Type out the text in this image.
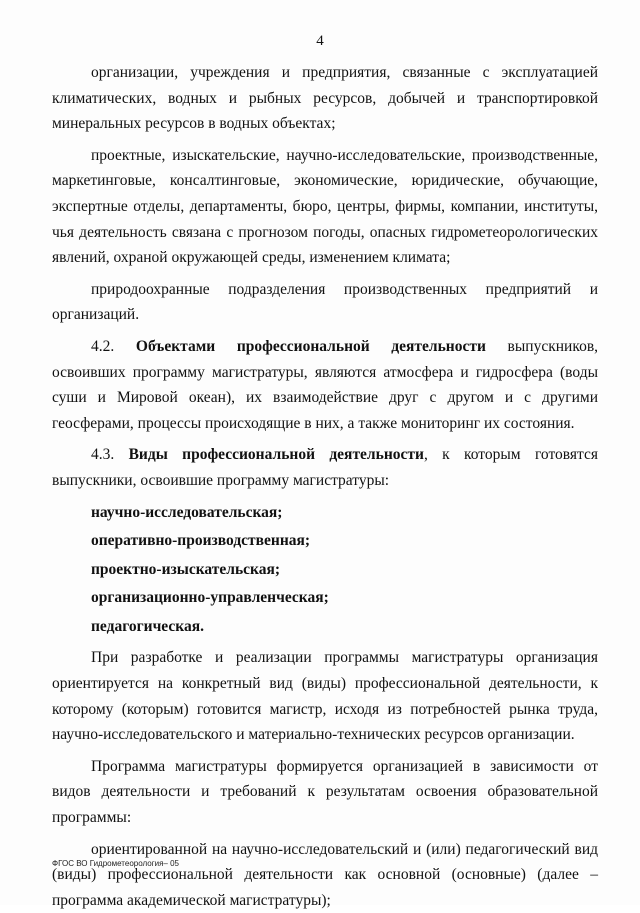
4

организации, учреждения и предприятия, связанные с эксплуатацией климатических, водных и рыбных ресурсов, добычей и транспортировкой минеральных ресурсов в водных объектах;

проектные, изыскательские, научно-исследовательские, производственные, маркетинговые, консалтинговые, экономические, юридические, обучающие, экспертные отделы, департаменты, бюро, центры, фирмы, компании, институты, чья деятельность связана с прогнозом погоды, опасных гидрометеорологических явлений, охраной окружающей среды, изменением климата;

природоохранные подразделения производственных предприятий и организаций.

4.2. Объектами профессиональной деятельности выпускников, освоивших программу магистратуры, являются атмосфера и гидросфера (воды суши и Мировой океан), их взаимодействие друг с другом и с другими геосферами, процессы происходящие в них, а также мониторинг их состояния.

4.3. Виды профессиональной деятельности, к которым готовятся выпускники, освоившие программу магистратуры:

научно-исследовательская;

оперативно-производственная;

проектно-изыскательская;

организационно-управленческая;

педагогическая.

При разработке и реализации программы магистратуры организация ориентируется на конкретный вид (виды) профессиональной деятельности, к которому (которым) готовится магистр, исходя из потребностей рынка труда, научно-исследовательского и материально-технических ресурсов организации.

Программа магистратуры формируется организацией в зависимости от видов деятельности и требований к результатам освоения образовательной программы:

ориентированной на научно-исследовательский и (или) педагогический вид (виды) профессиональной деятельности как основной (основные) (далее – программа академической магистратуры);

ФГОС ВО Гидрометеорология– 05
